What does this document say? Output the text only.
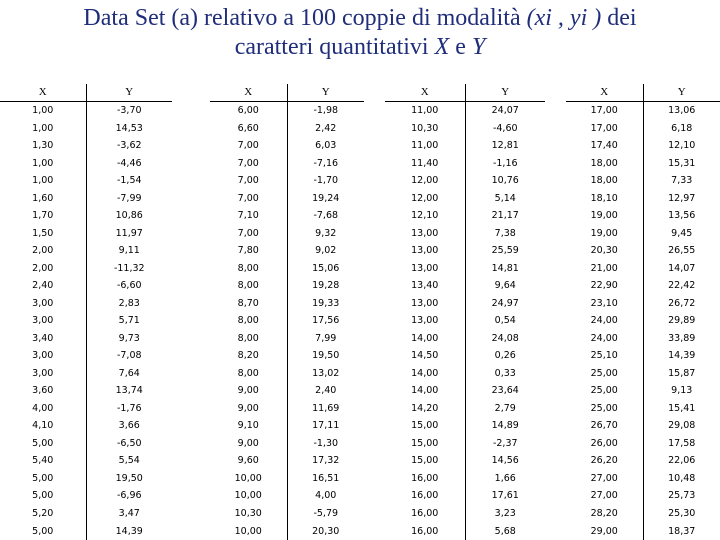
Data Set (a) relativo a 100 coppie di modalità (xi , yi ) dei
caratteri quantitativi X e Y
X	Y
1,00	-3,70
1,00	14,53
1,30	-3,62
1,00	-4,46
1,00	-1,54
1,60	-7,99
1,70	10,86
1,50	11,97
2,00	9,11
2,00	-11,32
2,40	-6,60
3,00	2,83
3,00	5,71
3,40	9,73
3,00	-7,08
3,00	7,64
3,60	13,74
4,00	-1,76
4,10	3,66
5,00	-6,50
5,40	5,54
5,00	19,50
5,00	-6,96
5,20	3,47
5,00	14,39
X	Y
6,00	-1,98
6,60	2,42
7,00	6,03
7,00	-7,16
7,00	-1,70
7,00	19,24
7,10	-7,68
7,00	9,32
7,80	9,02
8,00	15,06
8,00	19,28
8,70	19,33
8,00	17,56
8,00	7,99
8,20	19,50
8,00	13,02
9,00	2,40
9,00	11,69
9,10	17,11
9,00	-1,30
9,60	17,32
10,00	16,51
10,00	4,00
10,30	-5,79
10,00	20,30
X	Y
11,00	24,07
10,30	-4,60
11,00	12,81
11,40	-1,16
12,00	10,76
12,00	5,14
12,10	21,17
13,00	7,38
13,00	25,59
13,00	14,81
13,40	9,64
13,00	24,97
13,00	0,54
14,00	24,08
14,50	0,26
14,00	0,33
14,00	23,64
14,20	2,79
15,00	14,89
15,00	-2,37
15,00	14,56
16,00	1,66
16,00	17,61
16,00	3,23
16,00	5,68
X	Y
17,00	13,06
17,00	6,18
17,40	12,10
18,00	15,31
18,00	7,33
18,10	12,97
19,00	13,56
19,00	9,45
20,30	26,55
21,00	14,07
22,90	22,42
23,10	26,72
24,00	29,89
24,00	33,89
25,10	14,39
25,00	15,87
25,00	9,13
25,00	15,41
26,70	29,08
26,00	17,58
26,20	22,06
27,00	10,48
27,00	25,73
28,20	25,30
29,00	18,37
